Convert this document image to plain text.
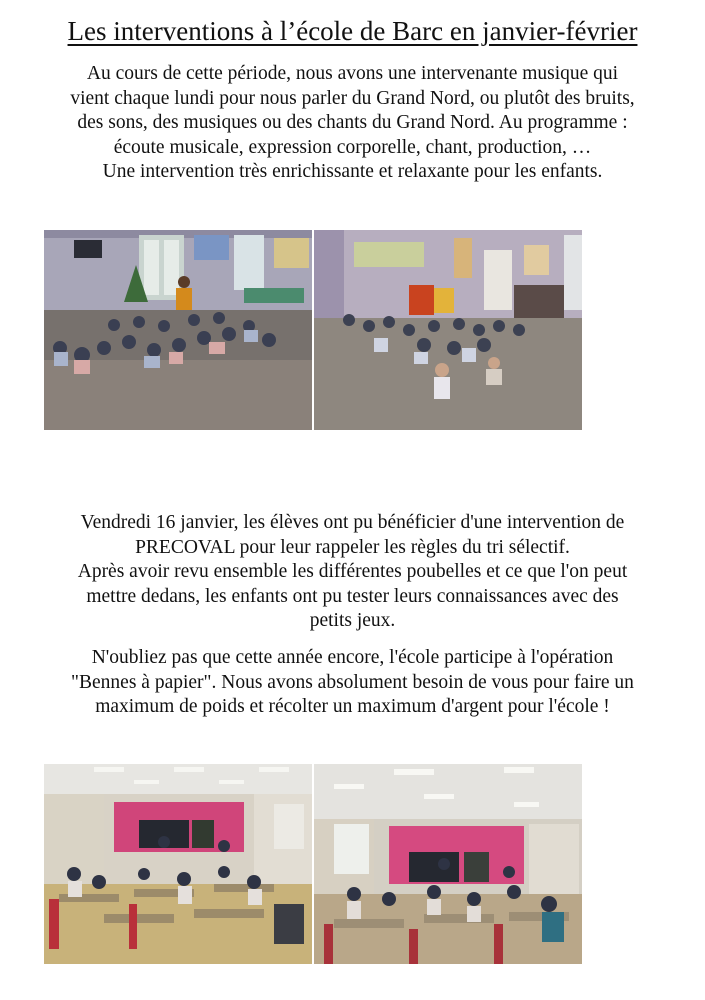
Les interventions à l’école de Barc en janvier-février
Au cours de cette période, nous avons une intervenante musique qui
vient chaque lundi pour nous parler du Grand Nord, ou plutôt des bruits,
des sons, des musiques ou des chants du Grand Nord. Au programme :
écoute musicale, expression corporelle, chant, production, …
Une intervention très enrichissante et relaxante pour les enfants.
Vendredi 16 janvier, les élèves ont pu bénéficier d'une intervention de
PRECOVAL pour leur rappeler les règles du tri sélectif.
Après avoir revu ensemble les différentes poubelles et ce que l'on peut
mettre dedans, les enfants ont pu tester leurs connaissances avec des
petits jeux.
N'oubliez pas que cette année encore, l'école participe à l'opération
"Bennes à papier". Nous avons absolument besoin de vous pour faire un
maximum de poids et récolter un maximum d'argent pour l'école !
